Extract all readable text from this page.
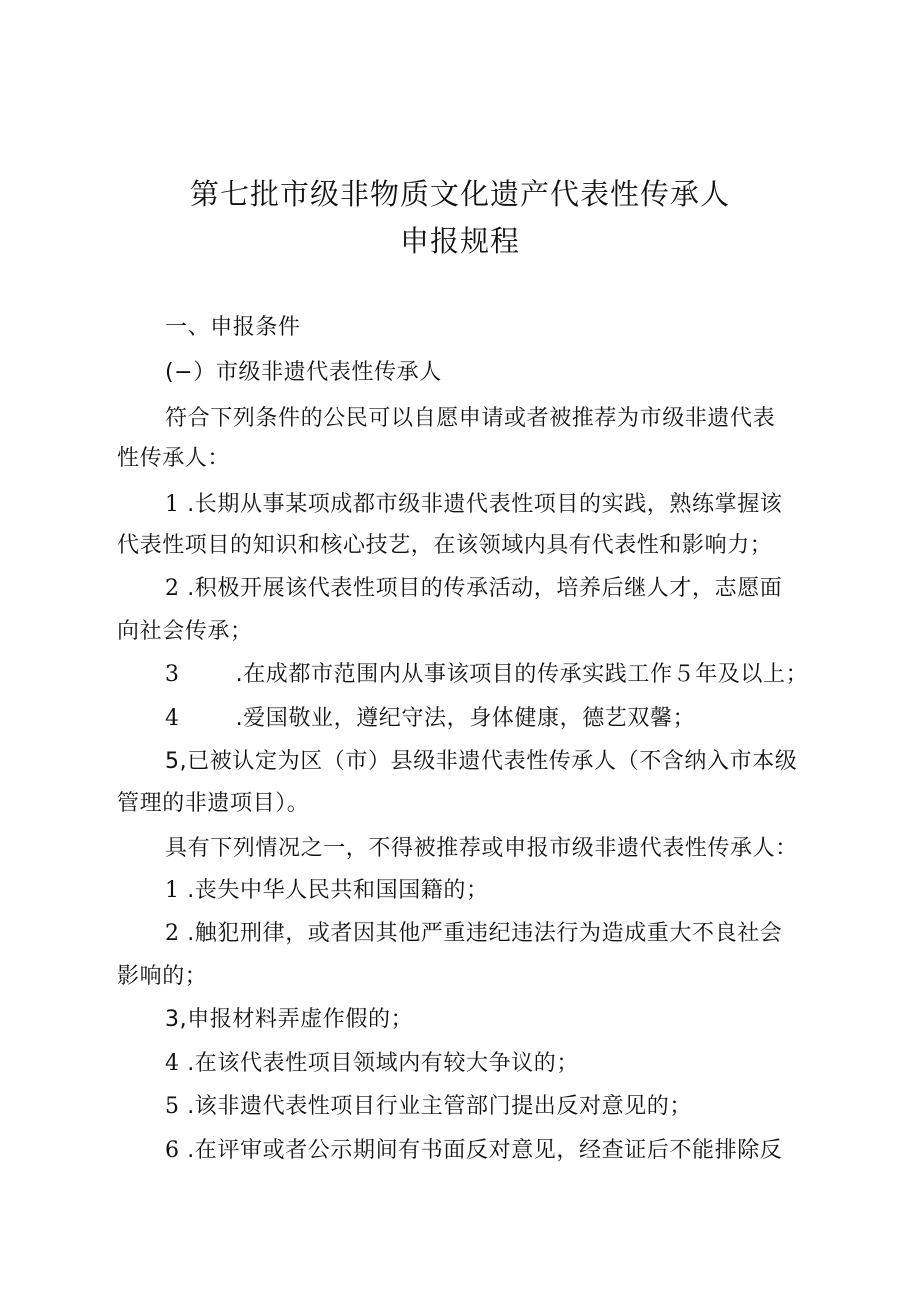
第七批市级非物质文化遗产代表性传承人
申报规程
一、申报条件
(−）市级非遗代表性传承人
符合下列条件的公民可以自愿申请或者被推荐为市级非遗代表
性传承人：
1 .长期从事某项成都市级非遗代表性项目的实践，熟练掌握该
代表性项目的知识和核心技艺，在该领域内具有代表性和影响力；
2 .积极开展该代表性项目的传承活动，培养后继人才，志愿面
向社会传承；
3	.在成都市范围内从事该项目的传承实践工作５年及以上；
4	.爱国敬业，遵纪守法，身体健康，德艺双馨；
5,已被认定为区（市）县级非遗代表性传承人（不含纳入市本级
管理的非遗项目）。
具有下列情况之一，不得被推荐或申报市级非遗代表性传承人：
1 .丧失中华人民共和国国籍的；
2 .触犯刑律，或者因其他严重违纪违法行为造成重大不良社会
影响的；
3,申报材料弄虚作假的；
4 .在该代表性项目领域内有较大争议的；
5 .该非遗代表性项目行业主管部门提出反对意见的；
6 .在评审或者公示期间有书面反对意见，经查证后不能排除反
